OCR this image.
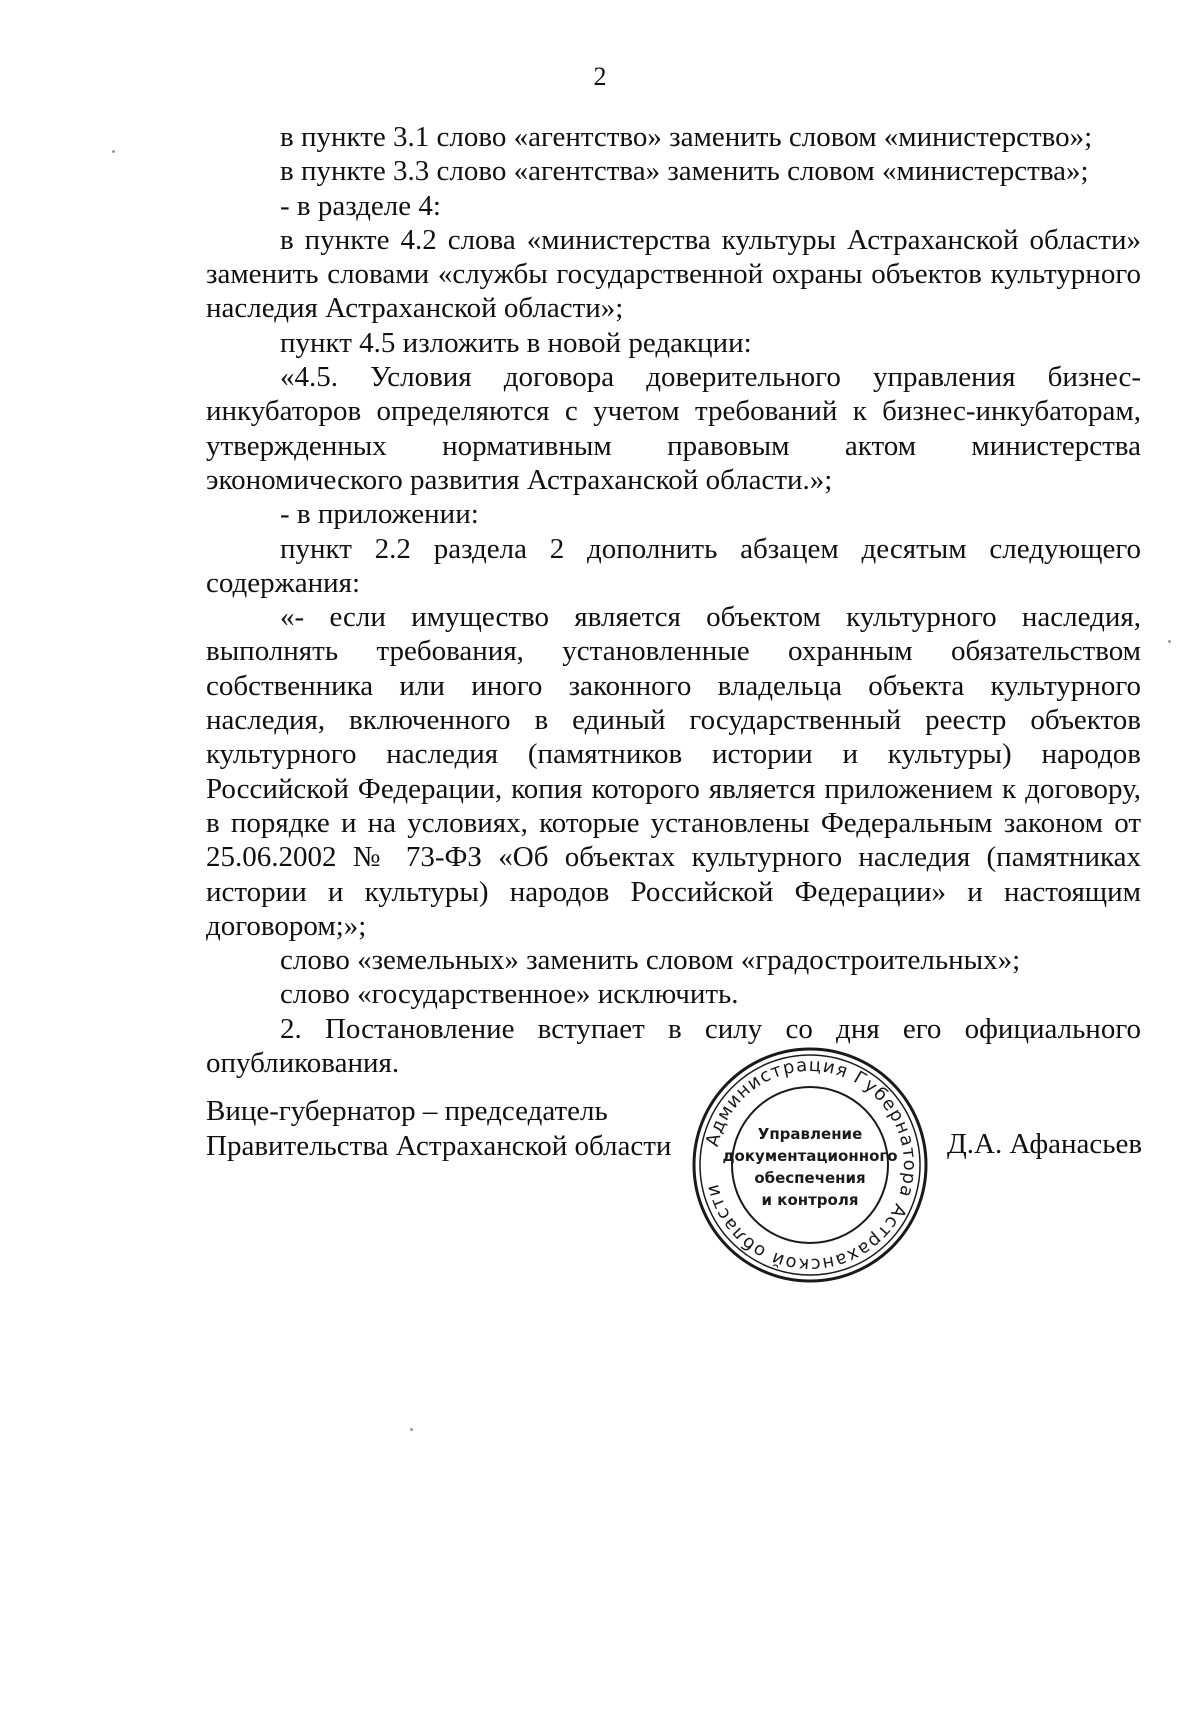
2

в пункте 3.1 слово «агентство» заменить словом «министерство»;

в пункте 3.3 слово «агентства» заменить словом «министерства»;

- в разделе 4:

в пункте 4.2 слова «министерства культуры Астраханской области» заменить словами «службы государственной охраны объектов культурного наследия Астраханской области»;

пункт 4.5 изложить в новой редакции:

«4.5. Условия договора доверительного управления бизнес-инкубаторов определяются с учетом требований к бизнес-инкубаторам, утвержденных нормативным правовым актом министерства экономического развития Астраханской области.»;

- в приложении:

пункт 2.2 раздела 2 дополнить абзацем десятым следующего содержания:

«- если имущество является объектом культурного наследия, выполнять требования, установленные охранным обязательством собственника или иного законного владельца объекта культурного наследия, включенного в единый государственный реестр объектов культурного наследия (памятников истории и культуры) народов Российской Федерации, копия которого является приложением к договору, в порядке и на условиях, которые установлены Федеральным законом от 25.06.2002 № 73-ФЗ «Об объектах культурного наследия (памятниках истории и культуры) народов Российской Федерации» и настоящим договором;»;

слово «земельных» заменить словом «градостроительных»;

слово «государственное» исключить.

2. Постановление вступает в силу со дня его официального опубликования.

Вице-губернатор – председатель
Правительства Астраханской области Администрация Губернатора Астраханской области
Управление
документационного
обеспечения
и контроля
Д.А. Афанасьев
